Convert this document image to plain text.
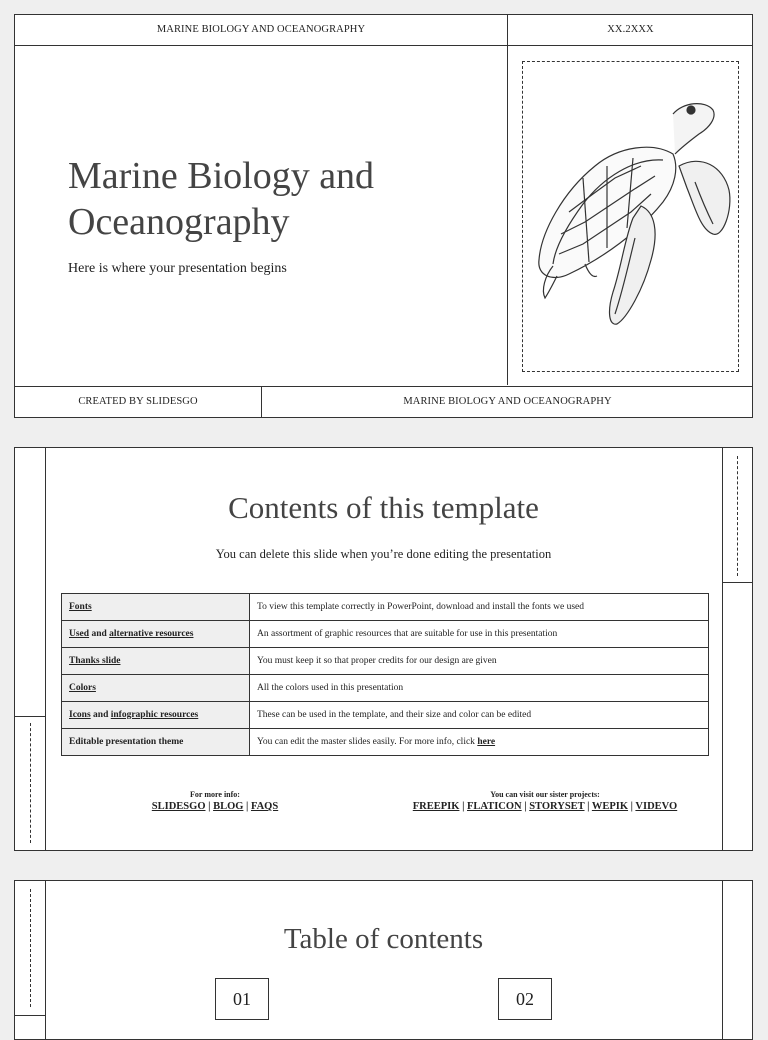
MARINE BIOLOGY AND OCEANOGRAPHY	XX.2XXX
Marine Biology and
Oceanography
Here is where your presentation begins
CREATED BY SLIDESGO	MARINE BIOLOGY AND OCEANOGRAPHY
Contents of this template
You can delete this slide when you’re done editing the presentation
Fonts	To view this template correctly in PowerPoint, download and install the fonts we used
Used and alternative resources	An assortment of graphic resources that are suitable for use in this presentation
Thanks slide	You must keep it so that proper credits for our design are given
Colors	All the colors used in this presentation
Icons and infographic resources	These can be used in the template, and their size and color can be edited
Editable presentation theme	You can edit the master slides easily. For more info, click here
For more info:
SLIDESGO | BLOG | FAQS
You can visit our sister projects:
FREEPIK | FLATICON | STORYSET | WEPIK | VIDEVO
Table of contents
01	02
